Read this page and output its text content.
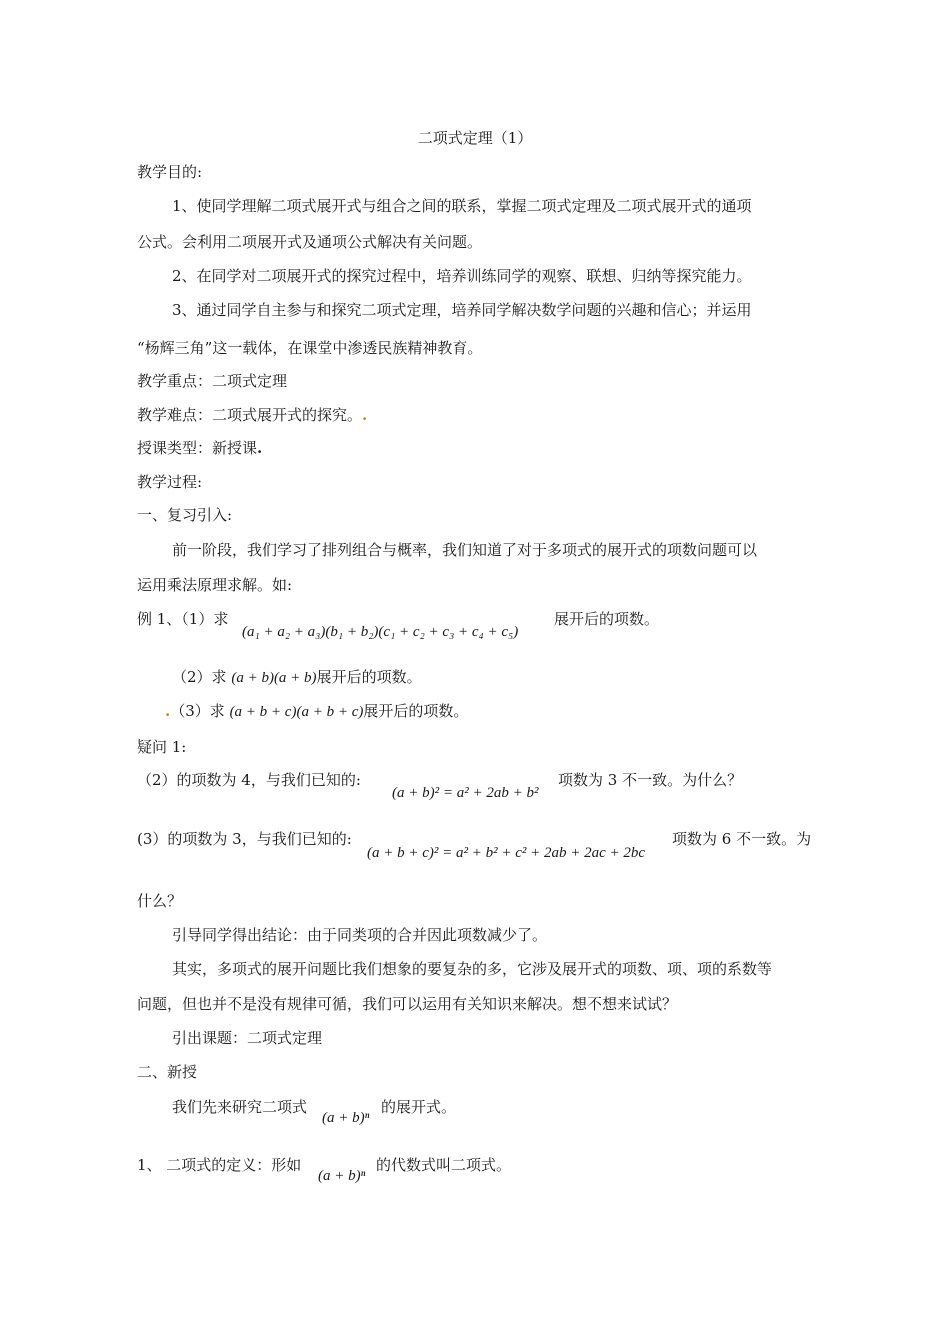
二项式定理（1）
教学目的:
1、使同学理解二项式展开式与组合之间的联系，掌握二项式定理及二项式展开式的通项
公式。会利用二项展开式及通项公式解决有关问题。
2、在同学对二项展开式的探究过程中，培养训练同学的观察、联想、归纳等探究能力。
3、通过同学自主参与和探究二项式定理，培养同学解决数学问题的兴趣和信心；并运用
“杨辉三角”这一载体，在课堂中渗透民族精神教育。
教学重点：二项式定理
教学难点：二项式展开式的探究。.
授课类型：新授课.
教学过程:
一、复习引入:
前一阶段，我们学习了排列组合与概率，我们知道了对于多项式的展开式的项数问题可以
运用乘法原理求解。如:
例 1、（1）求
(a₁ + a₂ + a₃)(b₁ + b₂)(c₁ + c₂ + c₃ + c₄ + c₅)
展开后的项数。
（2）求 (a + b)(a + b)展开后的项数。
.（3）求 (a + b + c)(a + b + c)展开后的项数。
疑问 1:
（2）的项数为 4，与我们已知的:
(a + b)² = a² + 2ab + b²
项数为 3 不一致。为什么？
(3）的项数为 3，与我们已知的:
(a + b + c)² = a² + b² + c² + 2ab + 2ac + 2bc
项数为 6 不一致。为
什么？
引导同学得出结论：由于同类项的合并因此项数减少了。
其实，多项式的展开问题比我们想象的要复杂的多，它涉及展开式的项数、项、项的系数等
问题，但也并不是没有规律可循，我们可以运用有关知识来解决。想不想来试试？
引出课题：二项式定理
二、新授
我们先来研究二项式
(a + b)ⁿ
的展开式。
1、 二项式的定义：形如
(a + b)ⁿ
的代数式叫二项式。
